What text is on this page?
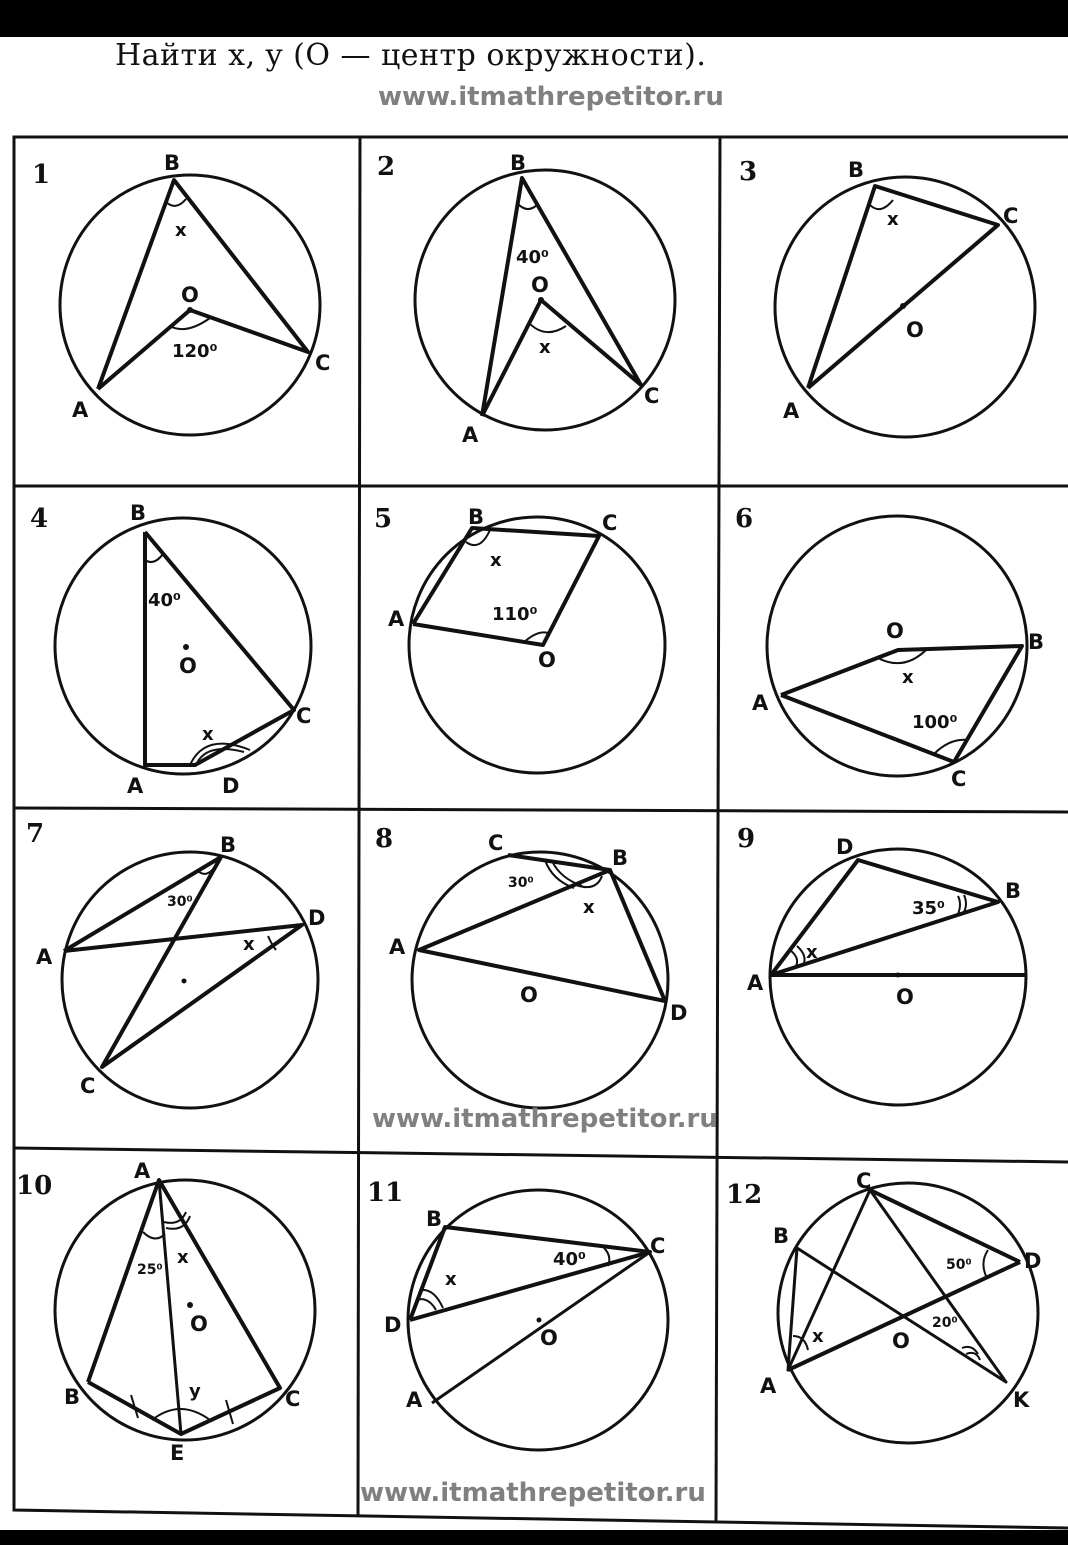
Найти x, y (O — центр окружности).
www.itmathrepetitor.ru
1
A
B
C
O
x
120⁰
2
A
B
C
O
40⁰
x
3
A
B
C
O
x
4
A
B
C
D
O
40⁰
x
5
A
B	C
O
x
110⁰
6
A
B
C
O
x
100⁰
7
A
B
C
D
30⁰
x
8
A
B
C
D
O
30⁰
x
9
A
B
D
O
35⁰
x
10	A
B	C
E
O
25⁰
x
y
11
A
B
C
D
O
40⁰
x
12
A
B
C
D
K
O
50⁰
20⁰
x
www.itmathrepetitor.ru
www.itmathrepetitor.ru
